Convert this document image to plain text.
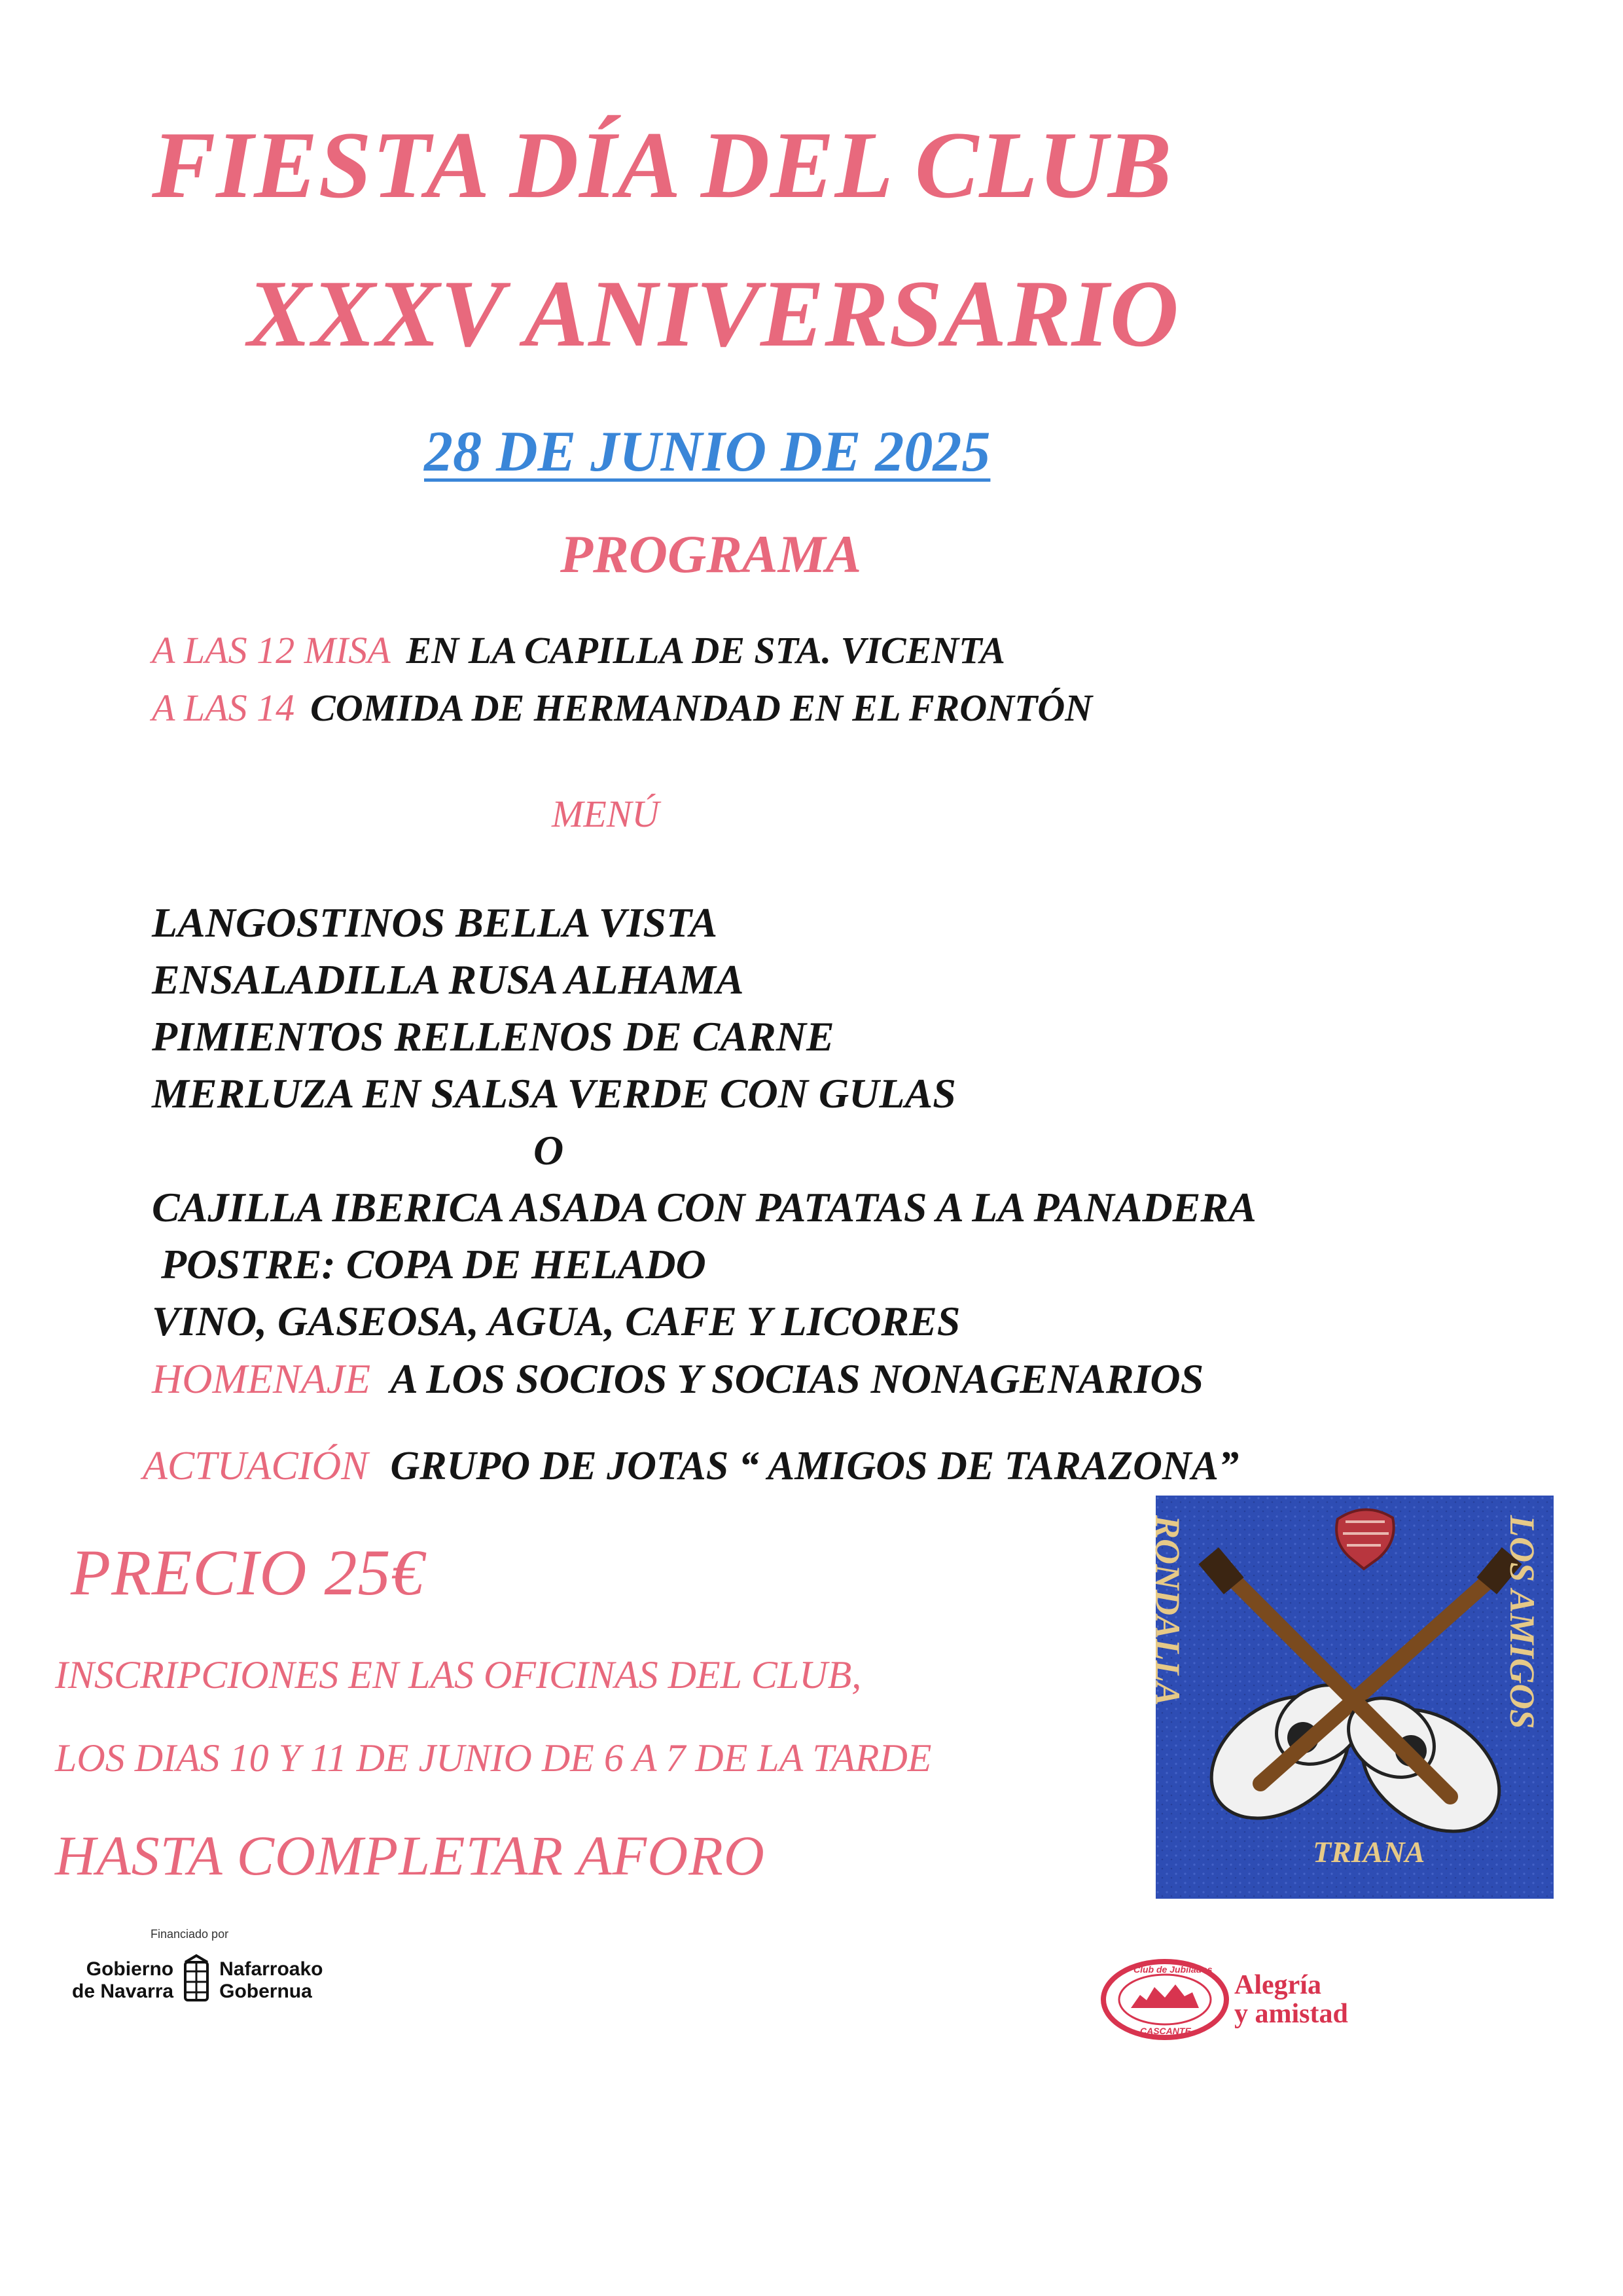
FIESTA DÍA DEL CLUB
XXXV ANIVERSARIO
28 DE JUNIO DE 2025
PROGRAMA
A LAS 12 MISA EN LA CAPILLA DE STA. VICENTA
A LAS 14 COMIDA DE HERMANDAD EN EL FRONTÓN
MENÚ
LANGOSTINOS BELLA VISTA
ENSALADILLA RUSA ALHAMA
PIMIENTOS RELLENOS DE CARNE
MERLUZA EN SALSA VERDE CON GULAS
O
CAJILLA IBERICA ASADA CON PATATAS A LA PANADERA
POSTRE: COPA DE HELADO
VINO, GASEOSA, AGUA, CAFE Y LICORES
HOMENAJE A LOS SOCIOS Y SOCIAS NONAGENARIOS
ACTUACIÓN GRUPO DE JOTAS “ AMIGOS DE TARAZONA”
PRECIO 25€
INSCRIPCIONES EN LAS OFICINAS DEL CLUB,
LOS DIAS 10 Y 11 DE JUNIO DE 6 A 7 DE LA TARDE
HASTA COMPLETAR AFORO
RONDALLA	LOS AMIGOS
TRIANA
Financiado por
Gobierno
de Navarra
Nafarroako
Gobernua
Club de Jubilados
CASCANTE
Alegría
y amistad
